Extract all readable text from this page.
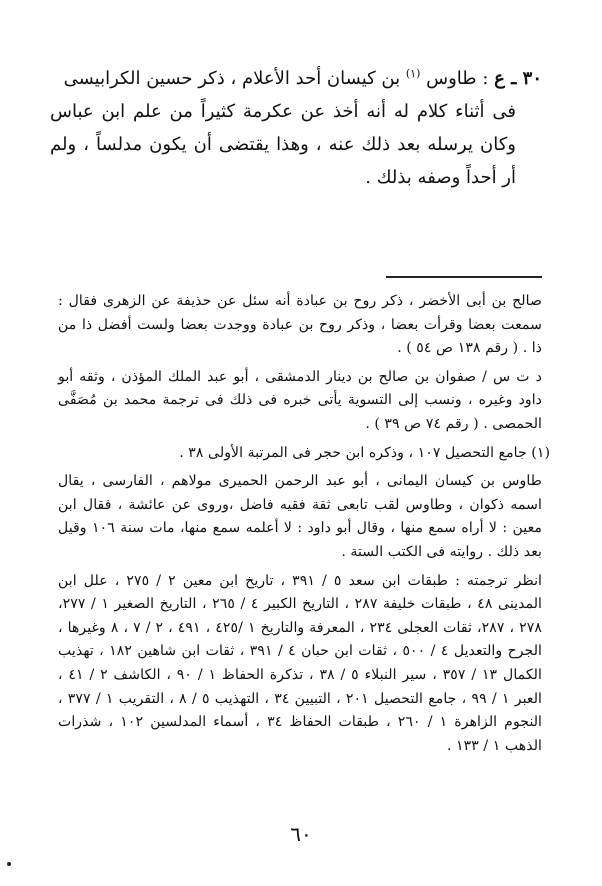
٣٠ ـ ع : طاوس $^{(١)}$ بن كيسان أحد الأعلام ، ذكر حسين الكرابيسى
فى أثناء كلام له أنه أخذ عن عكرمة كثيراً من علم ابن عباس وكان يرسله بعد ذلك عنه ، وهذا يقتضى أن يكون مدلساً ، ولم أر أحداً وصفه بذلك .

صالح بن أبى الأخضر ، ذكر روح بن عبادة أنه سئل عن حذيفة عن الزهرى فقال : سمعت بعضا وقرأت بعضا ، وذكر روح بن عبادة ووجدت بعضا ولست أفضل ذا من ذا . ( رقم ١٣٨ ص ٥٤ ) .

د ت س / صفوان بن صالح بن دينار الدمشقى ، أبو عبد الملك المؤذن ، وثقه أبو داود وغيره ، ونسب إلى التسوية يأتى خبره فى ذلك فى ترجمة محمد بن مُصَفَّى الحمصى . ( رقم ٧٤ ص ٣٩ ) .

(١) جامع التحصيل ١٠٧ ، وذكره ابن حجر فى المرتبة الأولى ٣٨ .

طاوس بن كيسان اليمانى ، أبو عبد الرحمن الحميرى مولاهم ، الفارسى ، يقال اسمه ذكوان ، وطاوس لقب تابعى ثقة فقيه فاضل ،وروى عن عائشة ، فقال ابن معين : لا أراه سمع منها ، وقال أبو داود : لا أعلمه سمع منها، مات سنة ١٠٦ وقيل بعد ذلك . روايته فى الكتب الستة .

انظر ترجمته : طبقات ابن سعد ٥ / ٣٩١ ، تاريخ ابن معين ٢ / ٢٧٥ ، علل ابن المدينى ٤٨ ، طبقات خليفة ٢٨٧ ، التاريخ الكبير ٤ / ٢٦٥ ، التاريخ الصغير ١ / ٢٧٧، ٢٧٨ ، ٢٨٧، ثقات العجلى ٢٣٤ ، المعرفة والتاريخ ١ /٤٢٥ ، ٤٩١ ، ٢ / ٧ ، ٨ وغيرها ، الجرح والتعديل ٤ / ٥٠٠ ، ثقات ابن حبان ٤ / ٣٩١ ، ثقات ابن شاهين ١٨٢ ، تهذيب الكمال ١٣ / ٣٥٧ ، سير النبلاء ٥ / ٣٨ ، تذكرة الحفاظ ١ / ٩٠ ، الكاشف ٢ / ٤١ ، العبر ١ / ٩٩ ، جامع التحصيل ٢٠١ ، التبيين ٣٤ ، التهذيب ٥ / ٨ ، التقريب ١ / ٣٧٧ ، النجوم الزاهرة ١ / ٢٦٠ ، طبقات الحفاظ ٣٤ ، أسماء المدلسين ١٠٢ ، شذرات الذهب ١ / ١٣٣ .

٦٠
